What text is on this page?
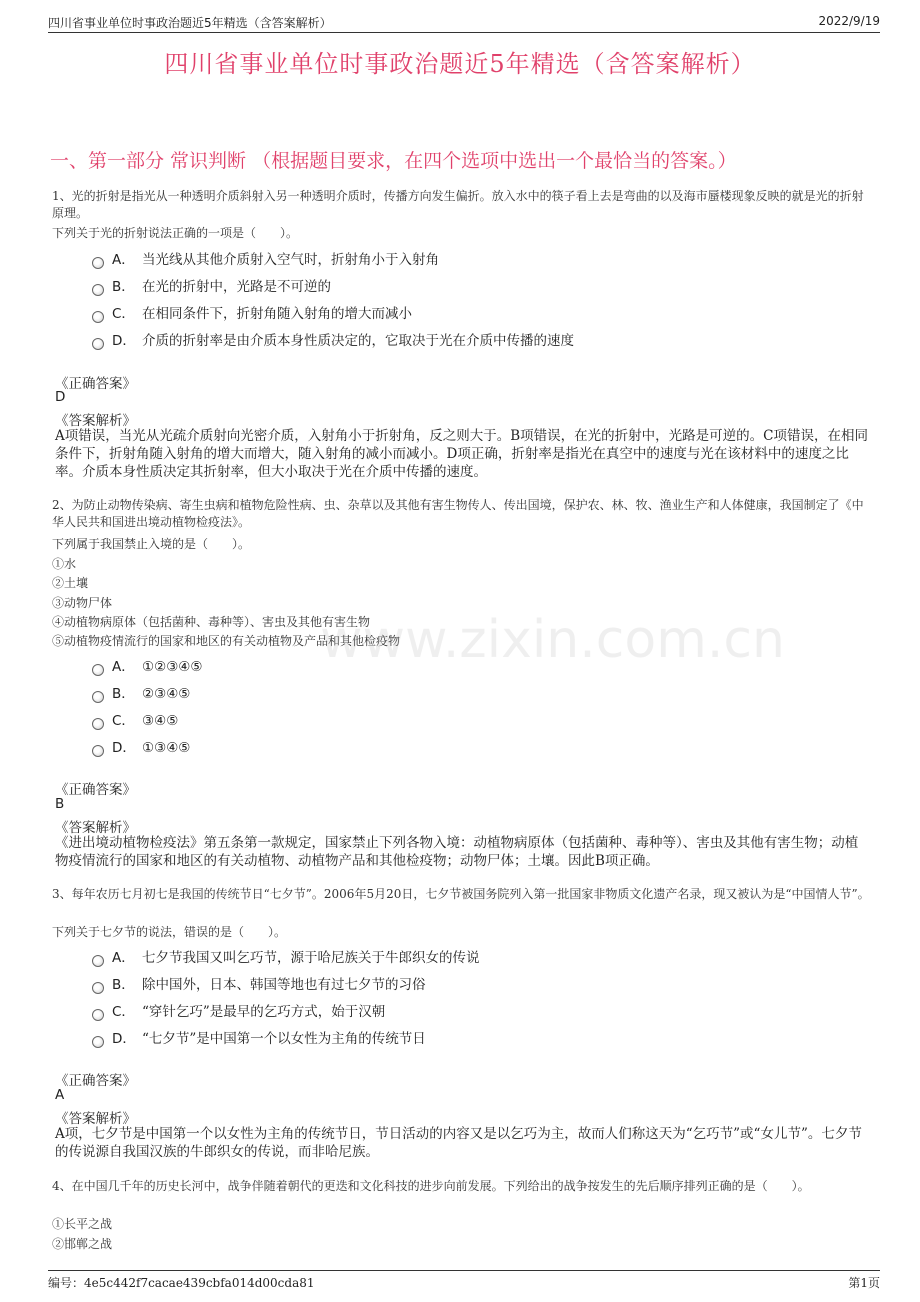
四川省事业单位时事政治题近5年精选（含答案解析）	2022/9/19
四川省事业单位时事政治题近5年精选（含答案解析）
一、第一部分 常识判断 （根据题目要求，在四个选项中选出一个最恰当的答案。）
1、光的折射是指光从一种透明介质斜射入另一种透明介质时，传播方向发生偏折。放入水中的筷子看上去是弯曲的以及海市蜃楼现象反映的就是光的折射原理。
下列关于光的折射说法正确的一项是（　　）。
A． 当光线从其他介质射入空气时，折射角小于入射角
B． 在光的折射中，光路是不可逆的
C． 在相同条件下，折射角随入射角的增大而减小
D． 介质的折射率是由介质本身性质决定的，它取决于光在介质中传播的速度
《正确答案》
D
《答案解析》
A项错误，当光从光疏介质射向光密介质，入射角小于折射角，反之则大于。B项错误，在光的折射中，光路是可逆的。C项错误，在相同条件下，折射角随入射角的增大而增大，随入射角的减小而减小。D项正确，折射率是指光在真空中的速度与光在该材料中的速度之比率。介质本身性质决定其折射率，但大小取决于光在介质中传播的速度。
2、为防止动物传染病、寄生虫病和植物危险性病、虫、杂草以及其他有害生物传人、传出国境，保护农、林、牧、渔业生产和人体健康，我国制定了《中华人民共和国进出境动植物检疫法》。
下列属于我国禁止入境的是（　　）。
①水
②土壤
③动物尸体
④动植物病原体（包括菌种、毒种等）、害虫及其他有害生物
⑤动植物疫情流行的国家和地区的有关动植物及产品和其他检疫物
A． ①②③④⑤
B． ②③④⑤
C． ③④⑤
D． ①③④⑤
《正确答案》
B
《答案解析》
《进出境动植物检疫法》第五条第一款规定，国家禁止下列各物入境：动植物病原体（包括菌种、毒种等）、害虫及其他有害生物；动植物疫情流行的国家和地区的有关动植物、动植物产品和其他检疫物；动物尸体；土壤。因此B项正确。
3、每年农历七月初七是我国的传统节日“七夕节”。2006年5月20日，七夕节被国务院列入第一批国家非物质文化遗产名录，现又被认为是“中国情人节”。
下列关于七夕节的说法，错误的是（　　）。
A． 七夕节我国又叫乞巧节，源于哈尼族关于牛郎织女的传说
B． 除中国外，日本、韩国等地也有过七夕节的习俗
C． “穿针乞巧”是最早的乞巧方式，始于汉朝
D． “七夕节”是中国第一个以女性为主角的传统节日
《正确答案》
A
《答案解析》
A项，七夕节是中国第一个以女性为主角的传统节日，节日活动的内容又是以乞巧为主，故而人们称这天为“乞巧节”或“女儿节”。七夕节的传说源自我国汉族的牛郎织女的传说，而非哈尼族。
4、在中国几千年的历史长河中，战争伴随着朝代的更迭和文化科技的进步向前发展。下列给出的战争按发生的先后顺序排列正确的是（　　）。
①长平之战
②邯郸之战
www.zixin.com.cn
编号：4e5c442f7cacae439cbfa014d00cda81	第1页
